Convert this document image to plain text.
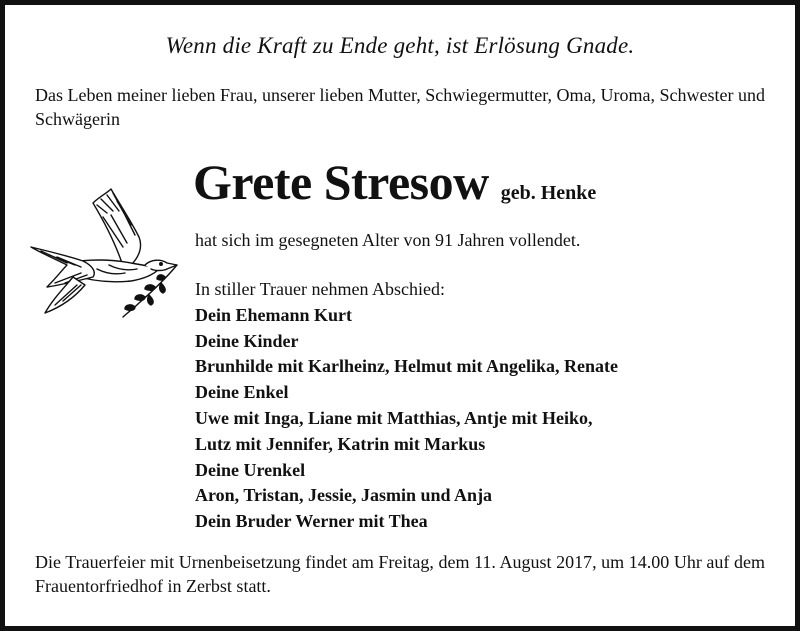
Wenn die Kraft zu Ende geht, ist Erlösung Gnade.
Das Leben meiner lieben Frau, unserer lieben Mutter, Schwiegermutter, Oma, Uroma, Schwester und Schwägerin
Grete Stresow geb. Henke
hat sich im gesegneten Alter von 91 Jahren vollendet.
In stiller Trauer nehmen Abschied:
Dein Ehemann Kurt
Deine Kinder
Brunhilde mit Karlheinz, Helmut mit Angelika, Renate
Deine Enkel
Uwe mit Inga, Liane mit Matthias, Antje mit Heiko,
Lutz mit Jennifer, Katrin mit Markus
Deine Urenkel
Aron, Tristan, Jessie, Jasmin und Anja
Dein Bruder Werner mit Thea
Die Trauerfeier mit Urnenbeisetzung findet am Freitag, dem 11. August 2017, um 14.00 Uhr auf dem Frauentorfriedhof in Zerbst statt.
